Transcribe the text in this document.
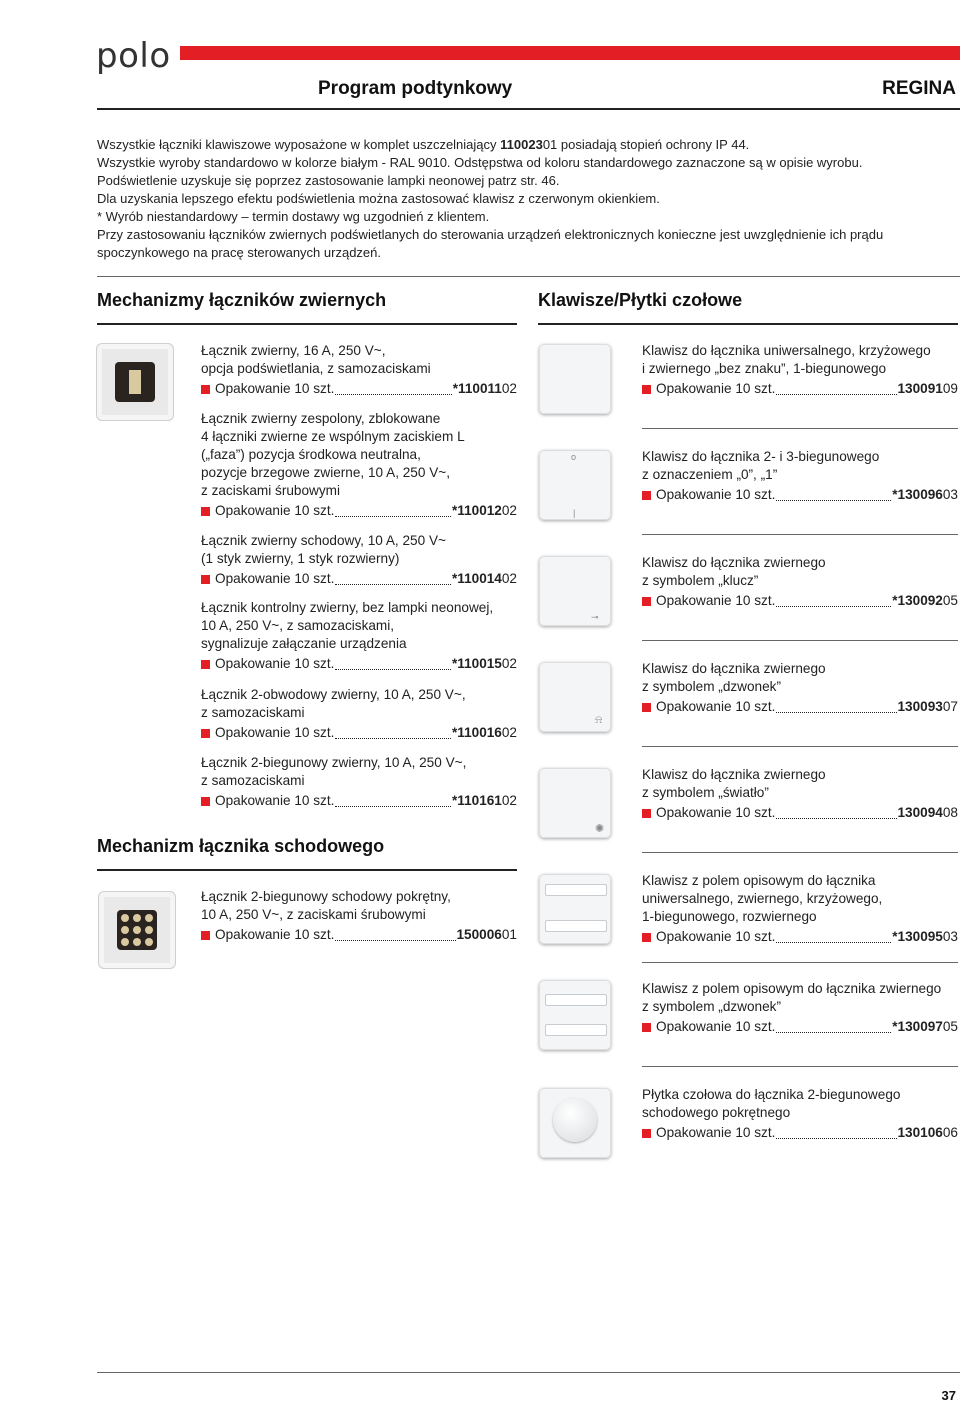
polo
Program podtynkowy	REGINA

Wszystkie łączniki klawiszowe wyposażone w komplet uszczelniający 11002301 posiadają stopień ochrony IP 44.

Wszystkie wyroby standardowo w kolorze białym - RAL 9010. Odstępstwa od koloru standardowego zaznaczone są w opisie wyrobu.

Podświetlenie uzyskuje się poprzez zastosowanie lampki neonowej patrz str. 46.

Dla uzyskania lepszego efektu podświetlenia można zastosować klawisz z czerwonym okienkiem.

* Wyrób niestandardowy – termin dostawy wg uzgodnień z klientem.

Przy zastosowaniu łączników zwiernych podświetlanych do sterowania urządzeń elektronicznych konieczne jest uwzględnienie ich prądu spoczynkowego na pracę sterowanych urządzeń.

Mechanizmy łączników zwiernych	Klawisze/Płytki czołowe
Łącznik zwierny, 16 A, 250 V~,
opcja podświetlania, z samozaciskami
Opakowanie 10 szt.	*11001102
Łącznik zwierny zespolony, zblokowane
4 łączniki zwierne ze wspólnym zaciskiem L
(„faza”) pozycja środkowa neutralna,
pozycje brzegowe zwierne, 10 A, 250 V~,
z zaciskami śrubowymi
Opakowanie 10 szt.	*11001202
Łącznik zwierny schodowy, 10 A, 250 V~
(1 styk zwierny, 1 styk rozwierny)
Opakowanie 10 szt.	*11001402
Łącznik kontrolny zwierny, bez lampki neonowej,
10 A, 250 V~, z samozaciskami,
sygnalizuje załączanie urządzenia
Opakowanie 10 szt.	*11001502
Łącznik 2-obwodowy zwierny, 10 A, 250 V~,
z samozaciskami
Opakowanie 10 szt.	*11001602
Łącznik 2-biegunowy zwierny, 10 A, 250 V~,
z samozaciskami
Opakowanie 10 szt.	*11016102
Mechanizm łącznika schodowego
Łącznik 2-biegunowy schodowy pokrętny,
10 A, 250 V~, z zaciskami śrubowymi
Opakowanie 10 szt.	15000601
o
|
⊸
⍾
✺
Klawisz do łącznika uniwersalnego, krzyżowego
i zwiernego „bez znaku”, 1-biegunowego
Opakowanie 10 szt.	13009109
Klawisz do łącznika 2- i 3-biegunowego
z oznaczeniem „0”, „1”
Opakowanie 10 szt.	*13009603
Klawisz do łącznika zwiernego
z symbolem „klucz”
Opakowanie 10 szt.	*13009205
Klawisz do łącznika zwiernego
z symbolem „dzwonek”
Opakowanie 10 szt.	13009307
Klawisz do łącznika zwiernego
z symbolem „światło”
Opakowanie 10 szt.	13009408
Klawisz z polem opisowym do łącznika
uniwersalnego, zwiernego, krzyżowego,
1-biegunowego, rozwiernego
Opakowanie 10 szt.	*13009503
Klawisz z polem opisowym do łącznika zwiernego
z symbolem „dzwonek”
Opakowanie 10 szt.	*13009705
Płytka czołowa do łącznika 2-biegunowego
schodowego pokrętnego
Opakowanie 10 szt.	13010606
37
